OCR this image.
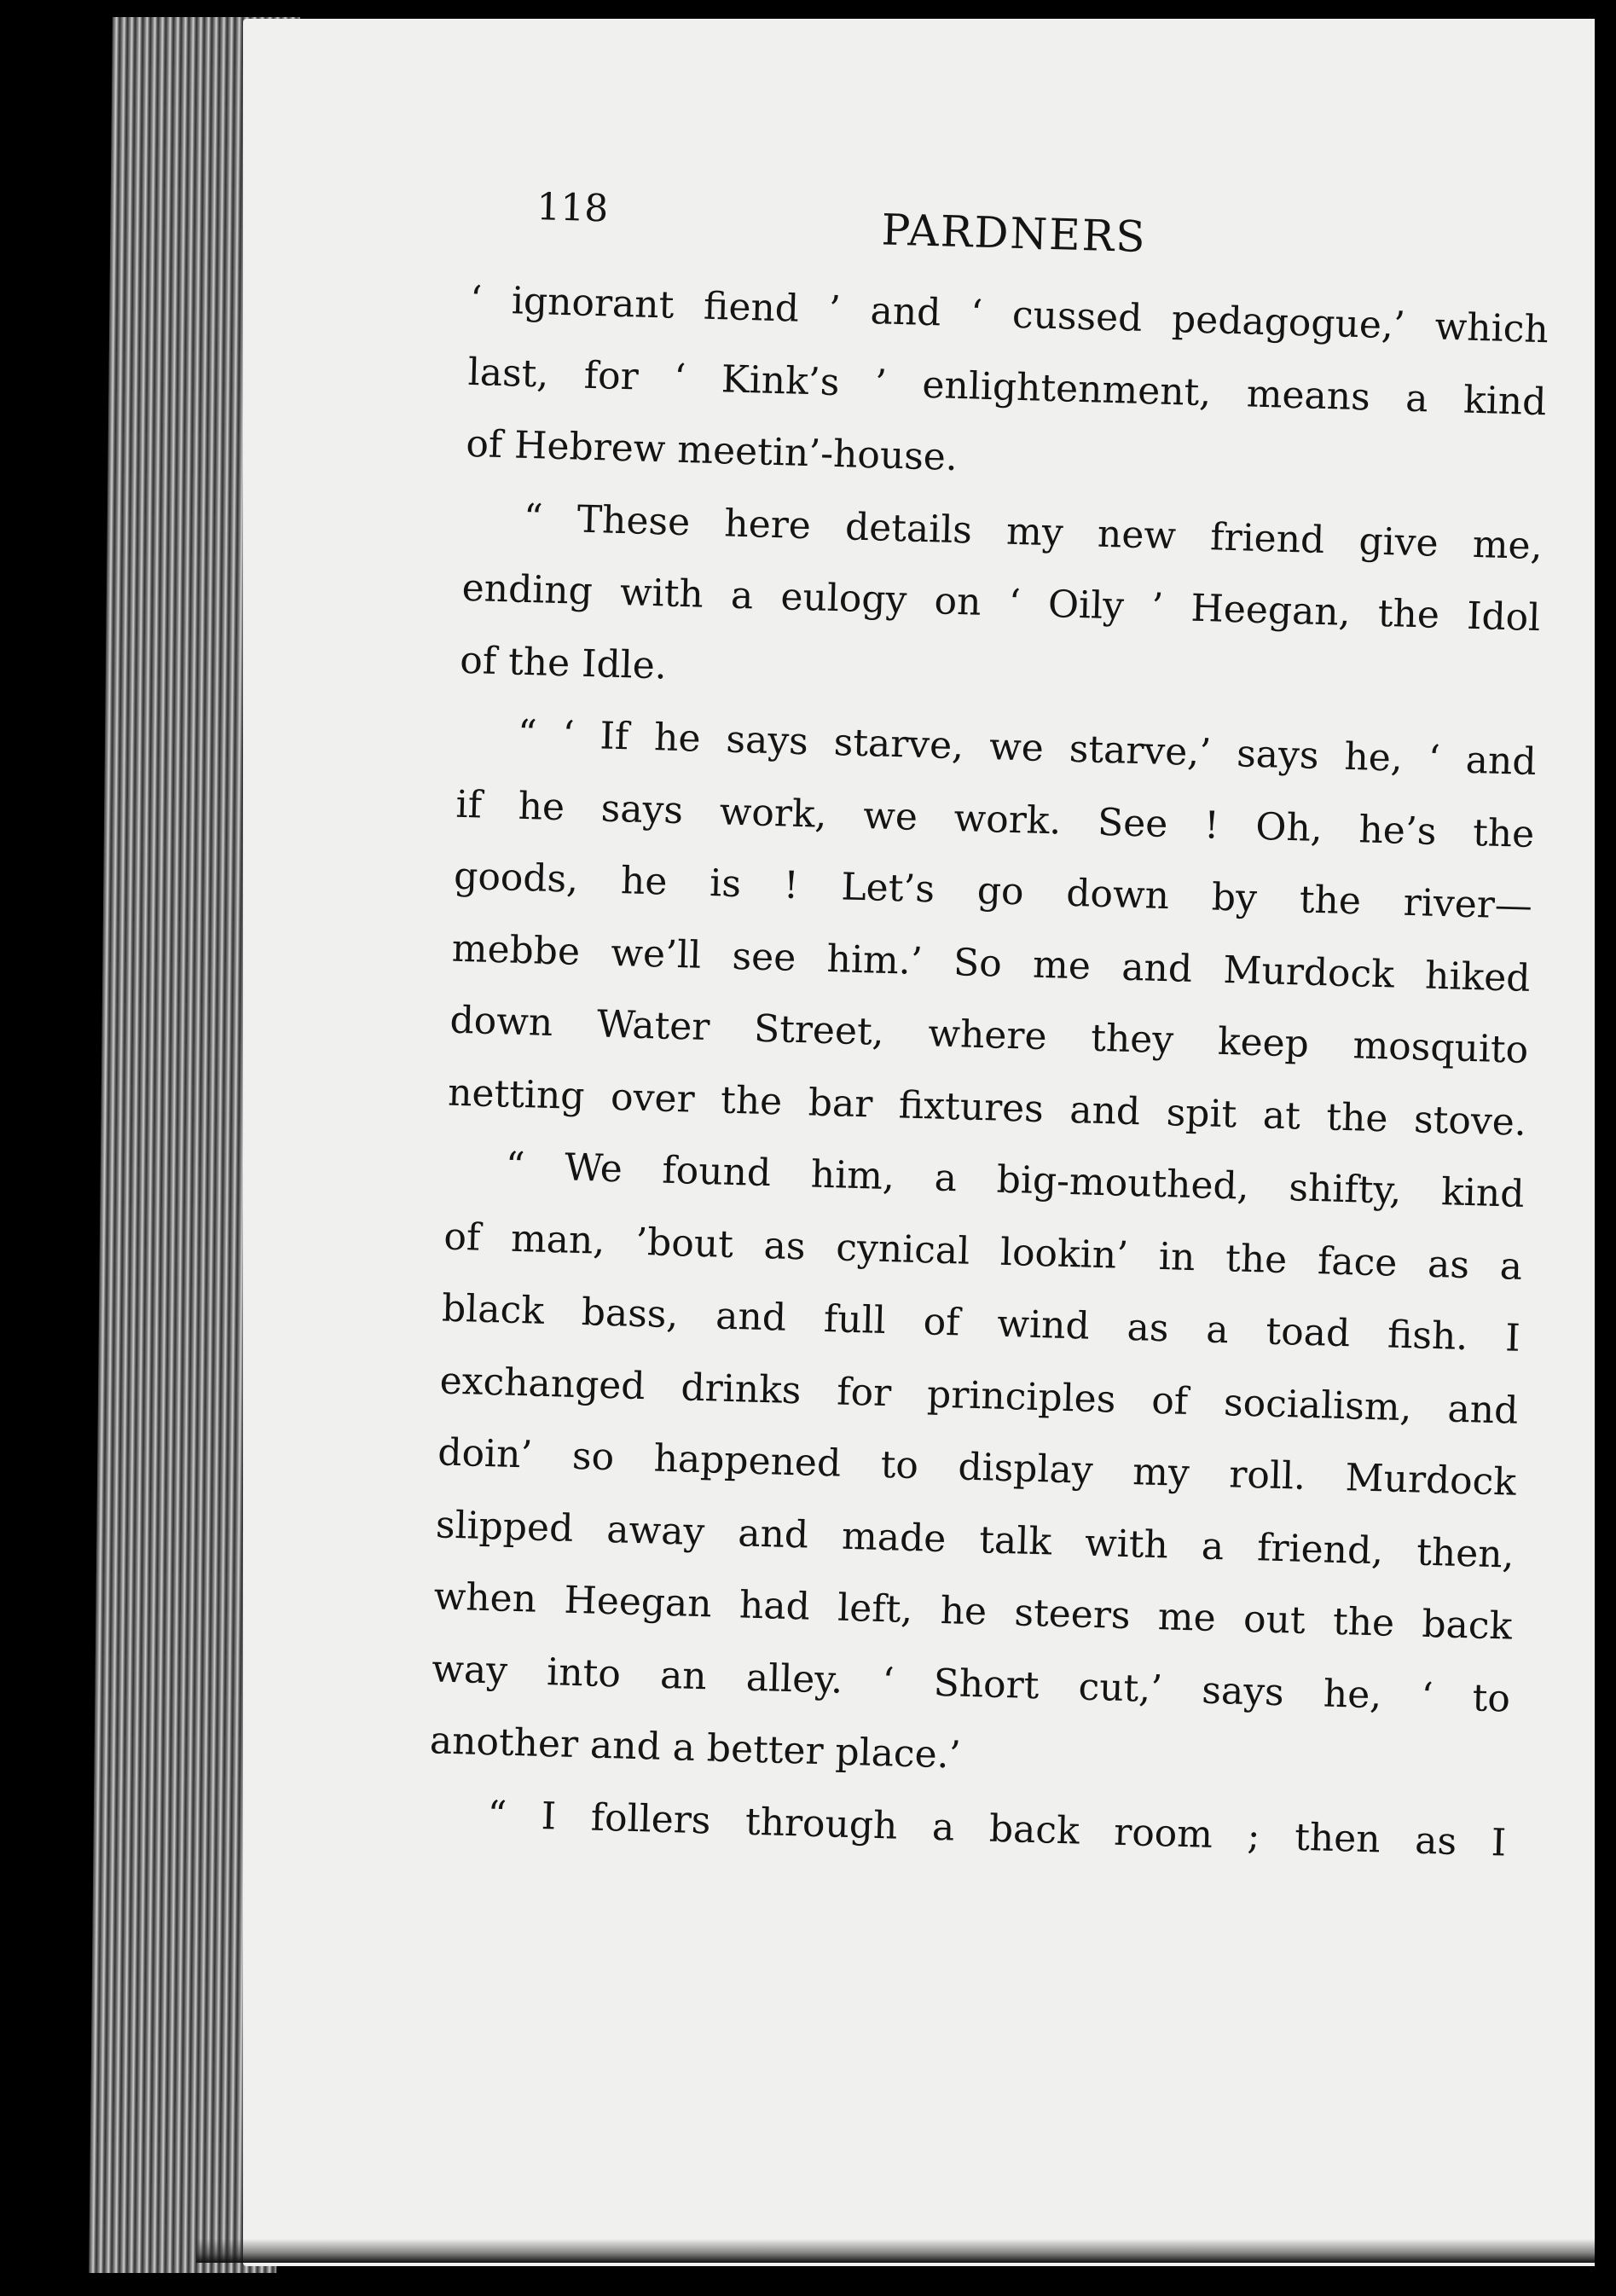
118	PARDNERS
‘ ignorant fiend ’ and ‘ cussed pedagogue,’ which
last, for ‘ Kink’s ’ enlightenment, means a kind
of Hebrew meetin’-house.
“ These here details my new friend give me,
ending with a eulogy on ‘ Oily ’ Heegan, the Idol
of the Idle.
“ ‘ If he says starve, we starve,’ says he, ‘ and
if he says work, we work. See ! Oh, he’s the
goods, he is ! Let’s go down by the river—
mebbe we’ll see him.’ So me and Murdock hiked
down Water Street, where they keep mosquito
netting over the bar fixtures and spit at the stove.
“ We found him, a big-mouthed, shifty, kind
of man, ’bout as cynical lookin’ in the face as a
black bass, and full of wind as a toad fish. I
exchanged drinks for principles of socialism, and
doin’ so happened to display my roll. Murdock
slipped away and made talk with a friend, then,
when Heegan had left, he steers me out the back
way into an alley. ‘ Short cut,’ says he, ‘ to
another and a better place.’
“ I follers through a back room ; then as I
